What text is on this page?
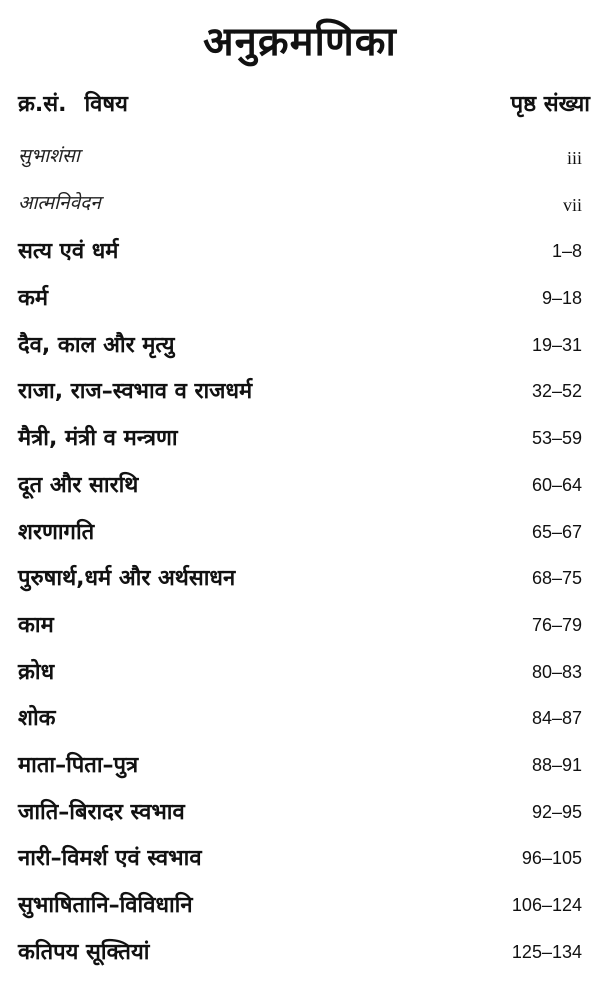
अनुक्रमणिका
क्र.सं. विषय	पृष्ठ संख्या
सुभाशंसा	iii
आत्मनिवेदन	vii
सत्य एवं धर्म	1–8
कर्म	9–18
दैव, काल और मृत्यु	19–31
राजा, राज–स्वभाव व राजधर्म	32–52
मैत्री, मंत्री व मन्त्रणा	53–59
दूत और सारथि	60–64
शरणागति	65–67
पुरुषार्थ,धर्म और अर्थसाधन	68–75
काम	76–79
क्रोध	80–83
शोक	84–87
माता–पिता–पुत्र	88–91
जाति–बिरादर स्वभाव	92–95
नारी–विमर्श एवं स्वभाव	96–105
सुभाषितानि–विविधानि	106–124
कतिपय सूक्तियां	125–134
